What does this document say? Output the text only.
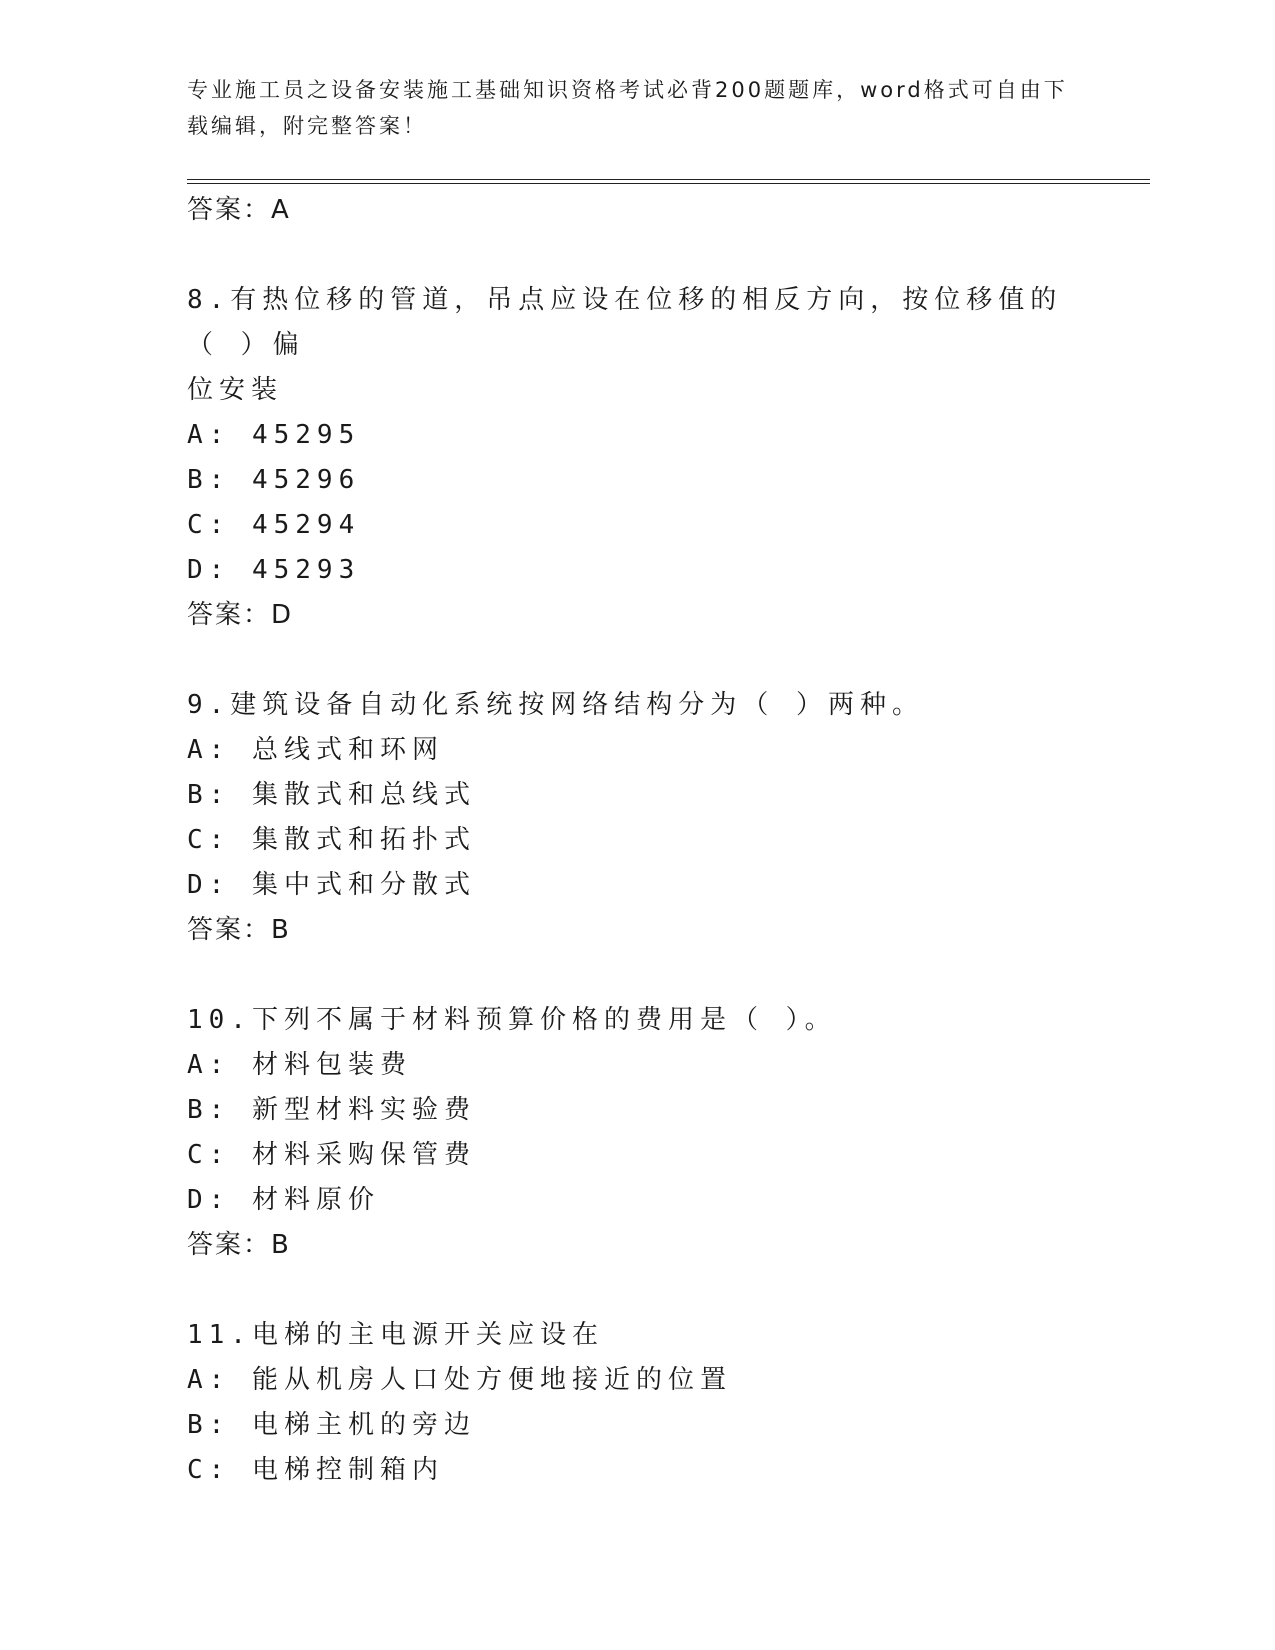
专业施工员之设备安装施工基础知识资格考试必背200题题库，word格式可自由下载编辑，附完整答案！

答案：A

8.有热位移的管道，吊点应设在位移的相反方向，按位移值的（ ）偏

位安装

A: 45295

B: 45296

C: 45294

D: 45293

答案：D

9.建筑设备自动化系统按网络结构分为（ ）两种。

A: 总线式和环网

B: 集散式和总线式

C: 集散式和拓扑式

D: 集中式和分散式

答案：B

10.下列不属于材料预算价格的费用是（ ）。

A: 材料包装费

B: 新型材料实验费

C: 材料采购保管费

D: 材料原价

答案：B

11.电梯的主电源开关应设在

A: 能从机房人口处方便地接近的位置

B: 电梯主机的旁边

C: 电梯控制箱内
